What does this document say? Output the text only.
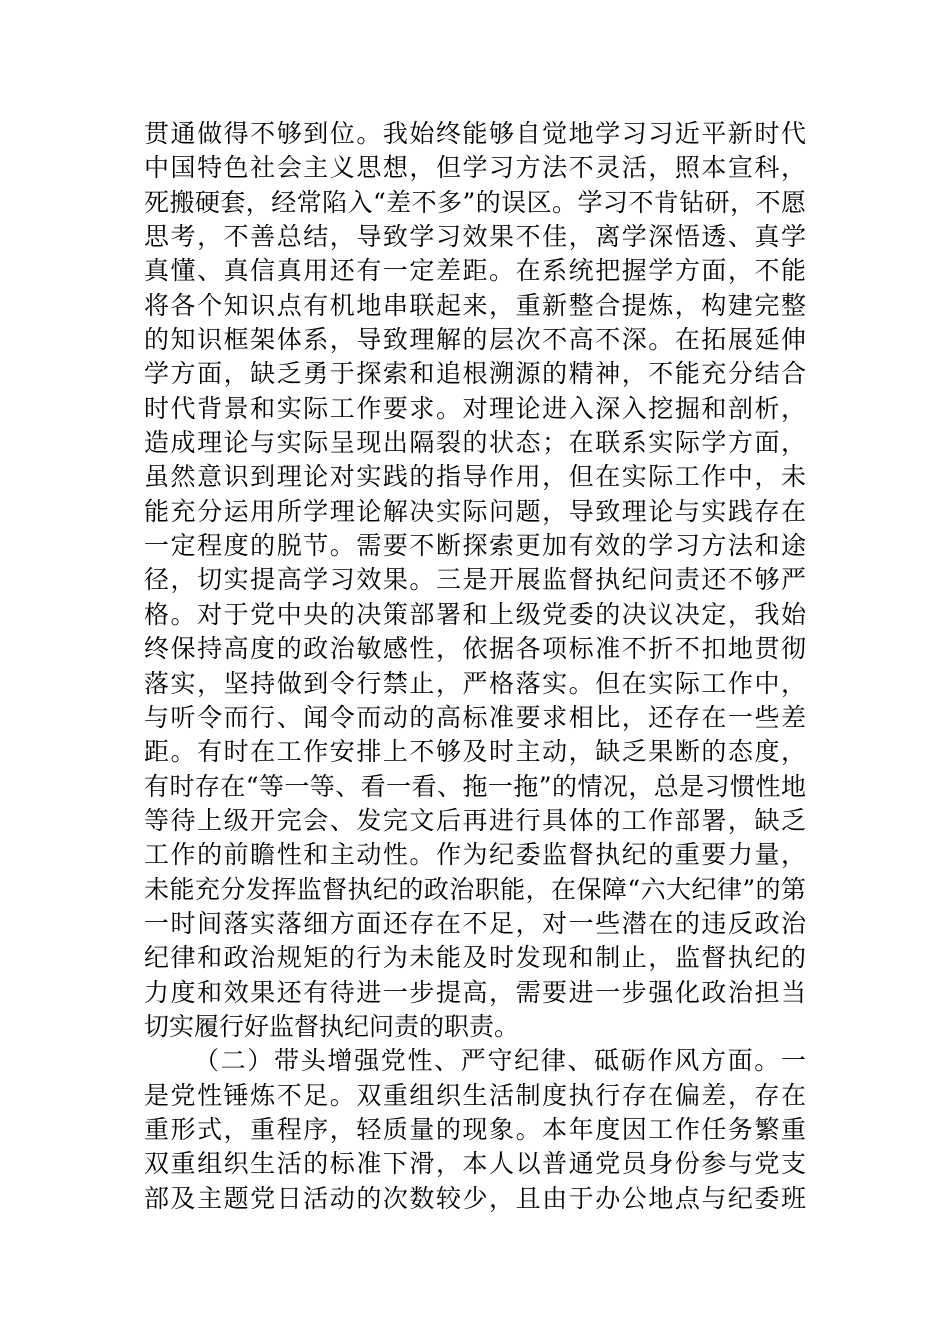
贯通做得不够到位。我始终能够自觉地学习习近平新时代
中国特色社会主义思想，但学习方法不灵活，照本宣科，
死搬硬套，经常陷入“差不多”的误区。学习不肯钻研，不愿
思考，不善总结，导致学习效果不佳，离学深悟透、真学
真懂、真信真用还有一定差距。在系统把握学方面，不能
将各个知识点有机地串联起来，重新整合提炼，构建完整
的知识框架体系，导致理解的层次不高不深。在拓展延伸
学方面，缺乏勇于探索和追根溯源的精神，不能充分结合
时代背景和实际工作要求。对理论进入深入挖掘和剖析，
造成理论与实际呈现出隔裂的状态；在联系实际学方面，
虽然意识到理论对实践的指导作用，但在实际工作中，未
能充分运用所学理论解决实际问题，导致理论与实践存在
一定程度的脱节。需要不断探索更加有效的学习方法和途
径，切实提高学习效果。三是开展监督执纪问责还不够严
格。对于党中央的决策部署和上级党委的决议决定，我始
终保持高度的政治敏感性，依据各项标准不折不扣地贯彻
落实，坚持做到令行禁止，严格落实。但在实际工作中，
与听令而行、闻令而动的高标准要求相比，还存在一些差
距。有时在工作安排上不够及时主动，缺乏果断的态度，
有时存在“等一等、看一看、拖一拖”的情况，总是习惯性地
等待上级开完会、发完文后再进行具体的工作部署，缺乏
工作的前瞻性和主动性。作为纪委监督执纪的重要力量，
未能充分发挥监督执纪的政治职能，在保障“六大纪律”的第
一时间落实落细方面还存在不足，对一些潜在的违反政治
纪律和政治规矩的行为未能及时发现和制止，监督执纪的
力度和效果还有待进一步提高，需要进一步强化政治担当
切实履行好监督执纪问责的职责。
（二）带头增强党性、严守纪律、砥砺作风方面。一
是党性锤炼不足。双重组织生活制度执行存在偏差，存在
重形式，重程序，轻质量的现象。本年度因工作任务繁重
双重组织生活的标准下滑，本人以普通党员身份参与党支
部及主题党日活动的次数较少，且由于办公地点与纪委班
